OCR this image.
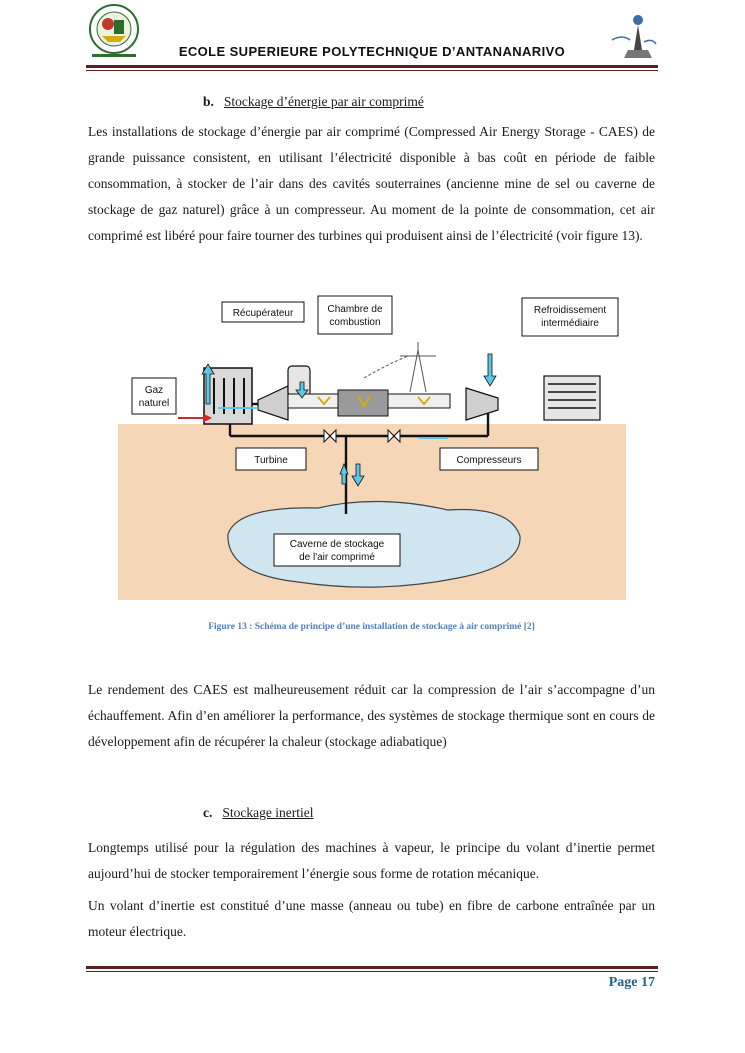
ECOLE SUPERIEURE POLYTECHNIQUE D’ANTANANARIVO
b. Stockage d’énergie par air comprimé

Les installations de stockage d’énergie par air comprimé (Compressed Air Energy Storage - CAES) de grande puissance consistent, en utilisant l’électricité disponible à bas coût en période de faible consommation, à stocker de l’air dans des cavités souterraines (ancienne mine de sel ou caverne de stockage de gaz naturel) grâce à un compresseur. Au moment de la pointe de consommation, cet air comprimé est libéré pour faire tourner des turbines qui produisent ainsi de l’électricité (voir figure 13).

Récupérateur	Chambre de
combustion
Refroidissement
intermédiaire
Gaz
naturel
Turbine	Compresseurs
Caverne de stockage
de l'air comprimé
Figure 13 : Schéma de principe d’une installation de stockage à air comprimé [2]

Le rendement des CAES est malheureusement réduit car la compression de l’air s’accompagne d’un échauffement. Afin d’en améliorer la performance, des systèmes de stockage thermique sont en cours de développement afin de récupérer la chaleur (stockage adiabatique)

c. Stockage inertiel

Longtemps utilisé pour la régulation des machines à vapeur, le principe du volant d’inertie permet aujourd’hui de stocker temporairement l’énergie sous forme de rotation mécanique.

Un volant d’inertie est constitué d’une masse (anneau ou tube) en fibre de carbone entraînée par un moteur électrique.

Page 17
